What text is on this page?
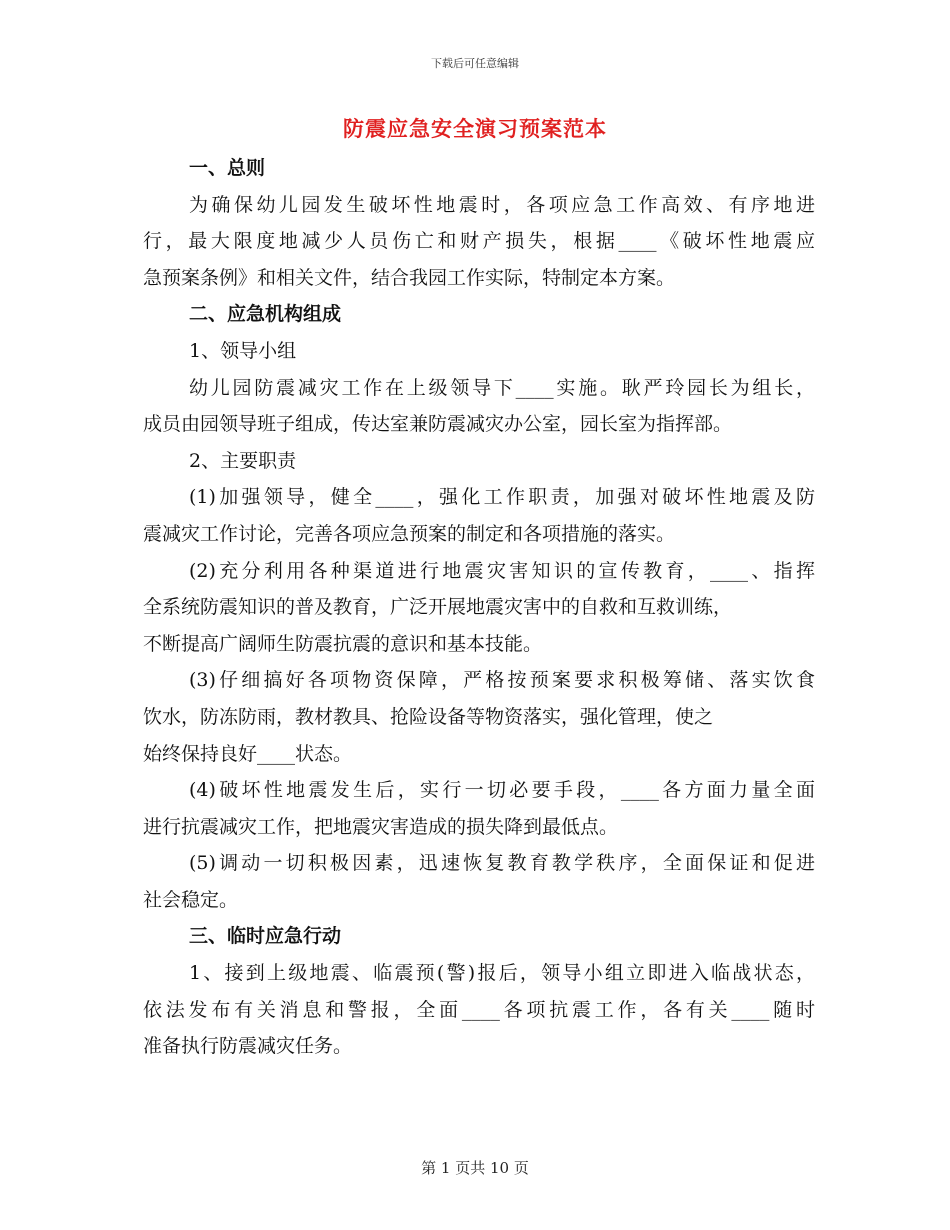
下载后可任意编辑
防震应急安全演习预案范本
一、总则
为确保幼儿园发生破坏性地震时，各项应急工作高效、有序地进
行，最大限度地减少人员伤亡和财产损失，根据____《破坏性地震应
急预案条例》和相关文件，结合我园工作实际，特制定本方案。
二、应急机构组成
1、领导小组
幼儿园防震减灾工作在上级领导下____实施。耿严玲园长为组长，
成员由园领导班子组成，传达室兼防震减灾办公室，园长室为指挥部。
2、主要职责
(1)加强领导，健全____，强化工作职责，加强对破坏性地震及防
震减灾工作讨论，完善各项应急预案的制定和各项措施的落实。
(2)充分利用各种渠道进行地震灾害知识的宣传教育，____、指挥
全系统防震知识的普及教育，广泛开展地震灾害中的自救和互救训练，
不断提高广阔师生防震抗震的意识和基本技能。
(3)仔细搞好各项物资保障，严格按预案要求积极筹储、落实饮食
饮水，防冻防雨，教材教具、抢险设备等物资落实，强化管理，使之
始终保持良好____状态。
(4)破坏性地震发生后，实行一切必要手段，____各方面力量全面
进行抗震减灾工作，把地震灾害造成的损失降到最低点。
(5)调动一切积极因素，迅速恢复教育教学秩序，全面保证和促进
社会稳定。
三、临时应急行动
1、接到上级地震、临震预(警)报后，领导小组立即进入临战状态，
依法发布有关消息和警报，全面____各项抗震工作，各有关____随时
准备执行防震减灾任务。
第 1 页共 10 页
